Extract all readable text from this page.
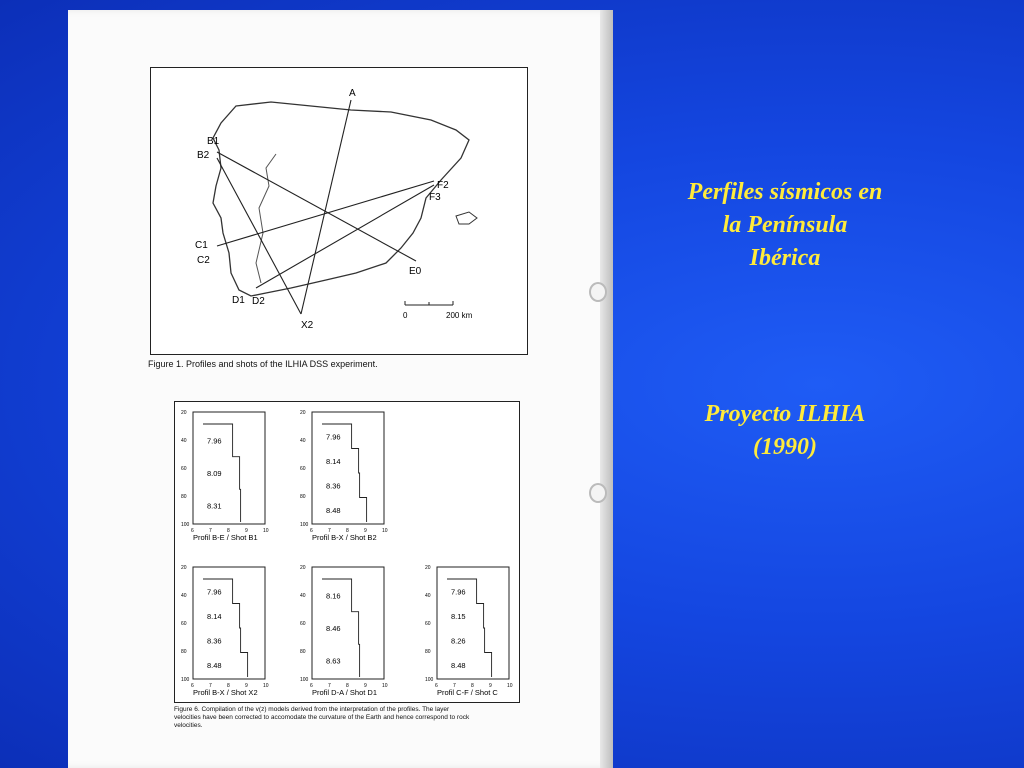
A
B1
B2
C1
C2
D1 D2
E0
F2
F3
X2
0	200 km
Figure 1. Profiles and shots of the ILHIA DSS experiment.
20
40
60
80
100
6	7	8	9	10
7.96
8.09
8.31
Profil B-E / Shot B1
20
40
60
80
100
6	7	8	9	10
7.96
8.14
8.36
8.48
Profil B-X / Shot B2
20
40
60
80
100
6	7	8	9	10
7.96
8.14
8.36
8.48
Profil B-X / Shot X2
20
40
60
80
100
6	7	8	9	10
8.16
8.46
8.63
Profil D-A / Shot D1
20
40
60
80
100
6	7	8	9	10
7.96
8.15
8.26
8.48
Profil C-F / Shot C
Figure 6. Compilation of the v(z) models derived from the interpretation of the profiles. The layer
velocities have been corrected to accomodate the curvature of the Earth and hence correspond to rock
velocities.
Perfiles sísmicos en
la Península
Ibérica
Proyecto ILHIA
(1990)
